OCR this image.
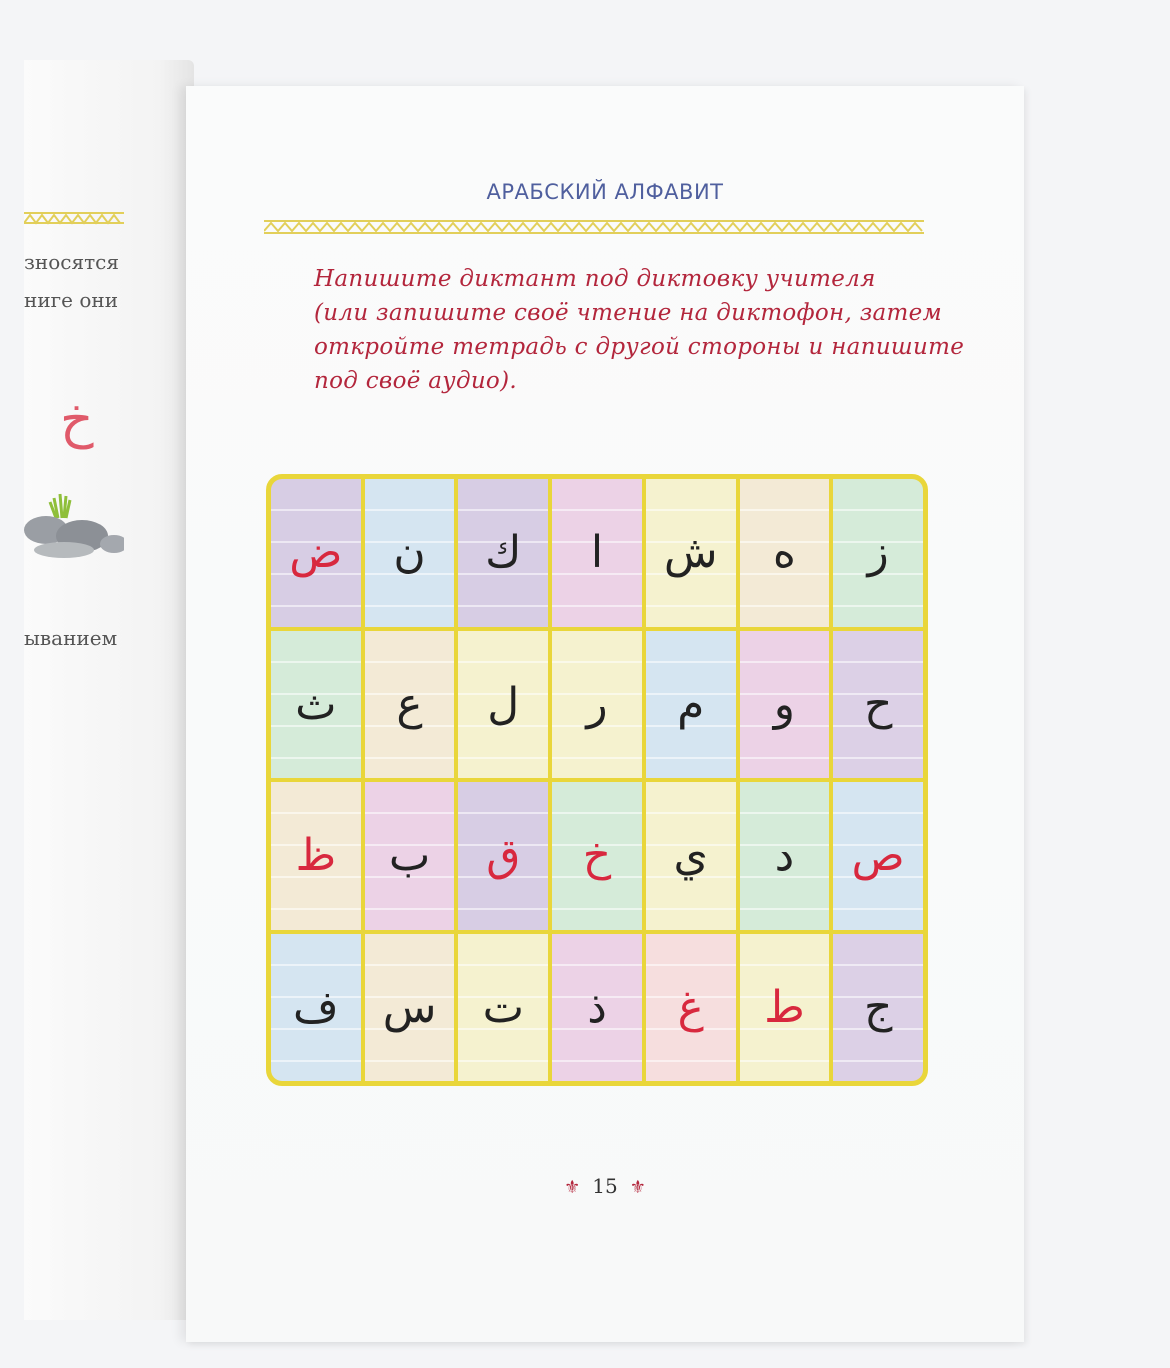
зносятся
ниге они
خ
ыванием
АРАБСКИЙ АЛФАВИТ
Напишите диктант под диктовку учителя
(или запишите своё чтение на диктофон, затем
откройте тетрадь с другой стороны и напишите
под своё аудио).
ض ن ك ا ش ه ز
ث ع ل ر م و ح
ظ ب ق خ ي د ص
ف س ت ذ غ ط ج
⚜ 15 ⚜
